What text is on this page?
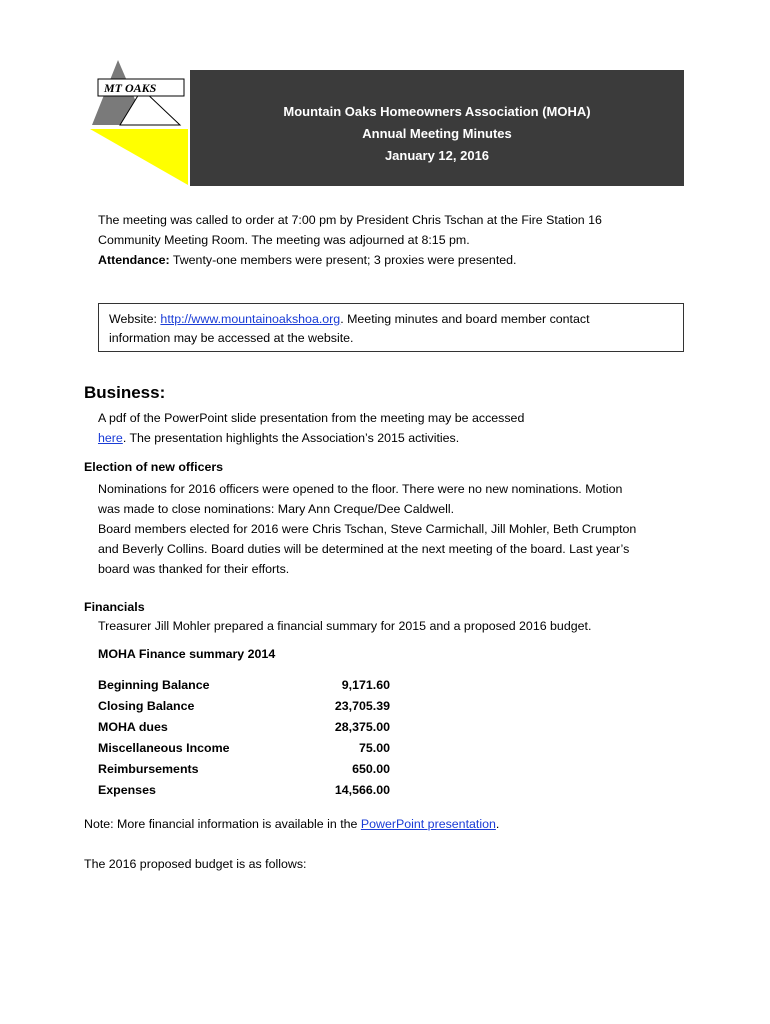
MT OAKS
Mountain Oaks Homeowners Association (MOHA)
Annual Meeting Minutes
January 12, 2016

The meeting was called to order at 7:00 pm by President Chris Tschan at the Fire Station 16

Community Meeting Room. The meeting was adjourned at 8:15 pm.

Attendance: Twenty-one members were present; 3 proxies were presented.

Website: http://www.mountainoakshoa.org. Meeting minutes and board member contact
information may be accessed at the website.
Business:

A pdf of the PowerPoint slide presentation from the meeting may be accessed

here. The presentation highlights the Association’s 2015 activities.

Election of new officers

Nominations for 2016 officers were opened to the floor. There were no new nominations. Motion

was made to close nominations: Mary Ann Creque/Dee Caldwell.

Board members elected for 2016 were Chris Tschan, Steve Carmichall, Jill Mohler, Beth Crumpton

and Beverly Collins. Board duties will be determined at the next meeting of the board. Last year’s

board was thanked for their efforts.

Financials
Treasurer Jill Mohler prepared a financial summary for 2015 and a proposed 2016 budget.
MOHA Finance summary 2014
Beginning Balance	9,171.60
Closing Balance	23,705.39
MOHA dues	28,375.00
Miscellaneous Income	75.00
Reimbursements	650.00
Expenses	14,566.00
Note: More financial information is available in the PowerPoint presentation.
The 2016 proposed budget is as follows:
